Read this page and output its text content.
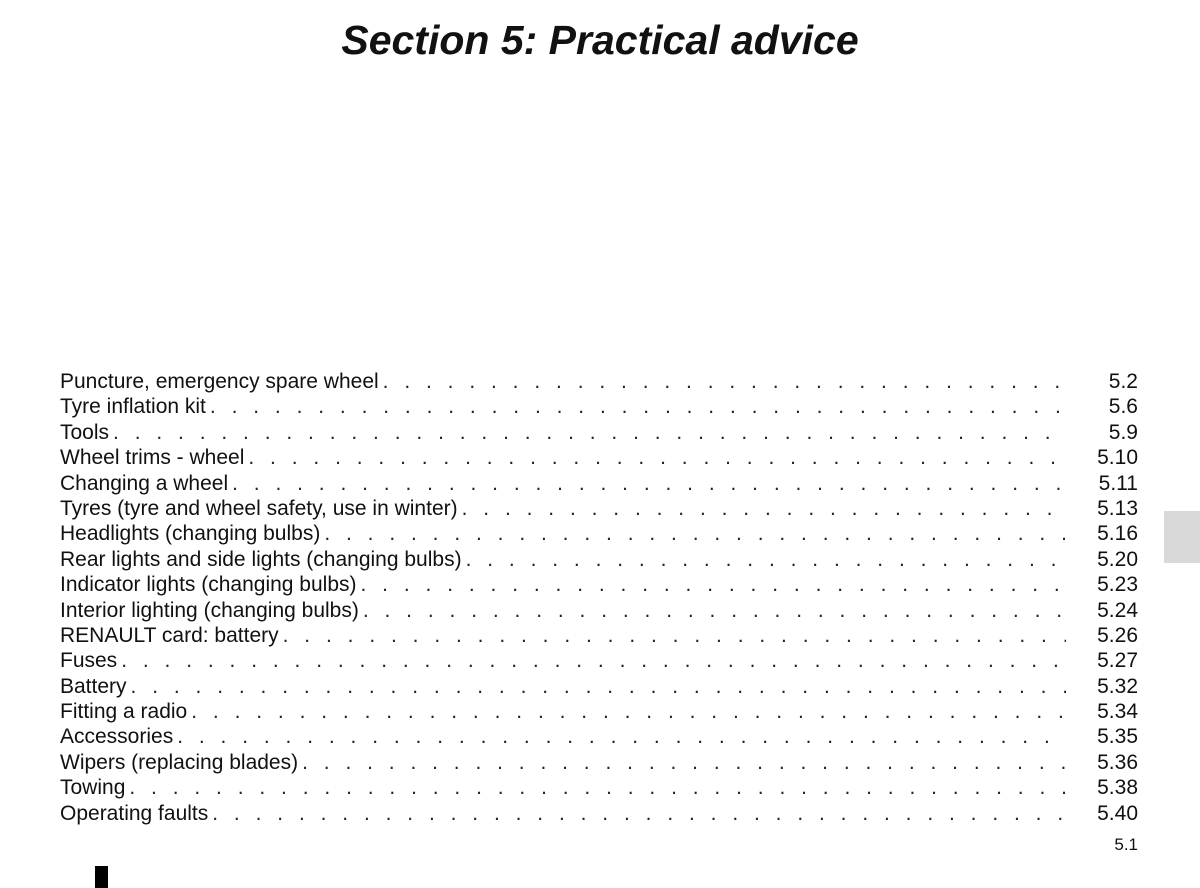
Section 5: Practical advice
Puncture, emergency spare wheel . . .	5.2
Tyre inflation kit . . .	5.6
Tools . . .	5.9
Wheel trims - wheel . . .	5.10
Changing a wheel . . .	5.11
Tyres (tyre and wheel safety, use in winter) . . .	5.13
Headlights (changing bulbs) . . .	5.16
Rear lights and side lights (changing bulbs) . . .	5.20
Indicator lights (changing bulbs) . . .	5.23
Interior lighting (changing bulbs) . . .	5.24
RENAULT card: battery . . .	5.26
Fuses . . .	5.27
Battery . . .	5.32
Fitting a radio . . .	5.34
Accessories . . .	5.35
Wipers (replacing blades) . . .	5.36
Towing . . .	5.38
Operating faults . . .	5.40
5.1
